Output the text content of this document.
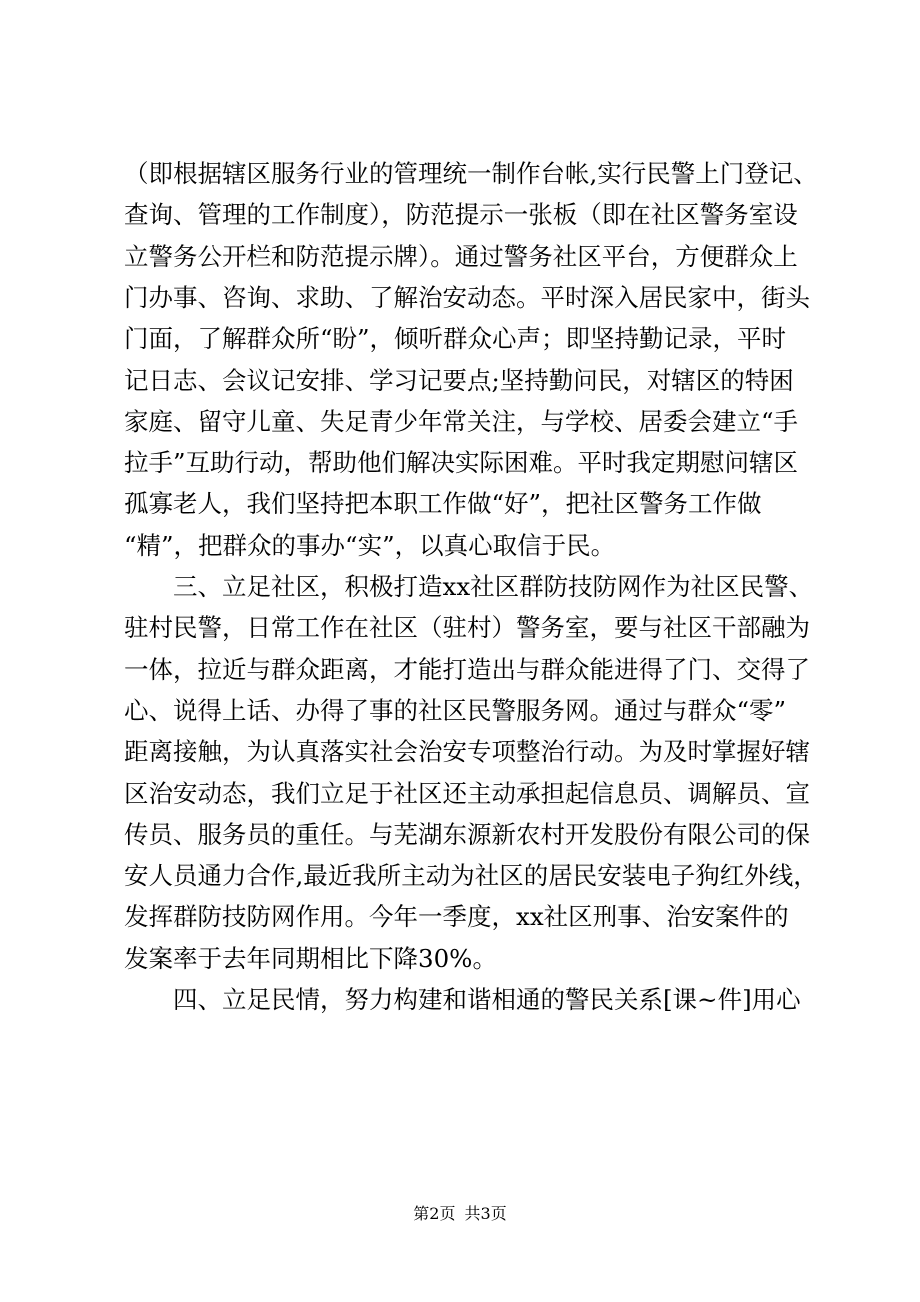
（即根据辖区服务行业的管理统一制作台帐,实行民警上门登记、
查询、管理的工作制度），防范提示一张板（即在社区警务室设
立警务公开栏和防范提示牌）。通过警务社区平台，方便群众上
门办事、咨询、求助、了解治安动态。平时深入居民家中，街头
门面，了解群众所“盼”，倾听群众心声；即坚持勤记录，平时
记日志、会议记安排、学习记要点;坚持勤问民，对辖区的特困
家庭、留守儿童、失足青少年常关注，与学校、居委会建立“手
拉手”互助行动，帮助他们解决实际困难。平时我定期慰问辖区
孤寡老人，我们坚持把本职工作做“好”，把社区警务工作做
“精”，把群众的事办“实”，以真心取信于民。
三、立足社区，积极打造xx社区群防技防网作为社区民警、
驻村民警，日常工作在社区（驻村）警务室，要与社区干部融为
一体，拉近与群众距离，才能打造出与群众能进得了门、交得了
心、说得上话、办得了事的社区民警服务网。通过与群众“零”
距离接触，为认真落实社会治安专项整治行动。为及时掌握好辖
区治安动态，我们立足于社区还主动承担起信息员、调解员、宣
传员、服务员的重任。与芜湖东源新农村开发股份有限公司的保
安人员通力合作,最近我所主动为社区的居民安装电子狗红外线，
发挥群防技防网作用。今年一季度，xx社区刑事、治安案件的
发案率于去年同期相比下降30%。
四、立足民情，努力构建和谐相通的警民关系[课~件]用心
第2页 共3页
